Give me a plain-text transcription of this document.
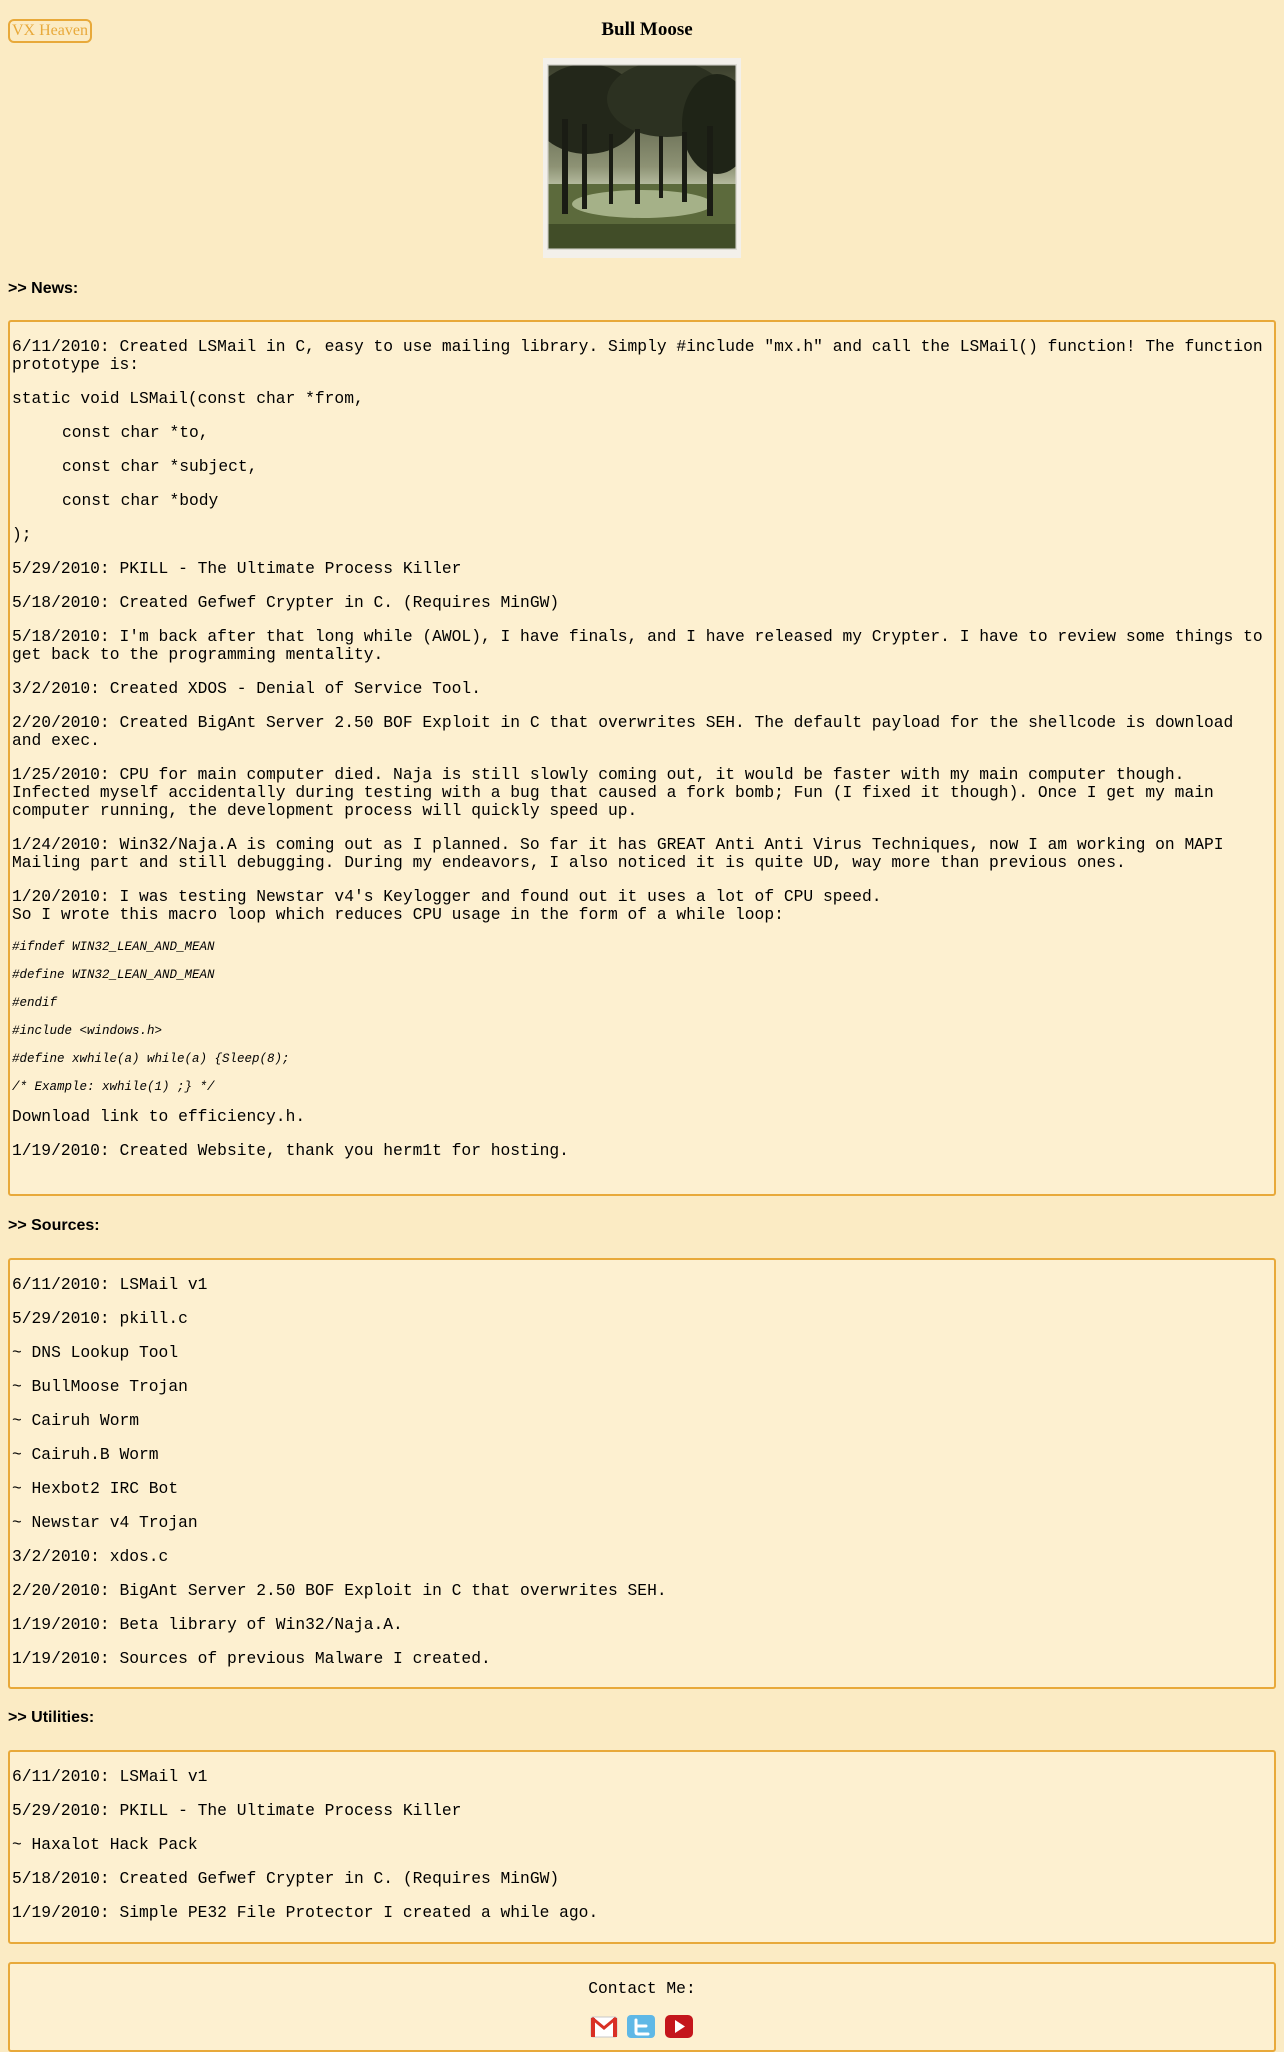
VX Heaven	Bull Moose
>> News:

6/11/2010: Created LSMail in C, easy to use mailing library. Simply #include "mx.h" and call the LSMail() function! The function prototype is:

static void LSMail(const char *from,

const char *to,

const char *subject,

const char *body

);

5/29/2010: PKILL - The Ultimate Process Killer

5/18/2010: Created Gefwef Crypter in C. (Requires MinGW)

5/18/2010: I'm back after that long while (AWOL), I have finals, and I have released my Crypter. I have to review some things to get back to the programming mentality.

3/2/2010: Created XDOS - Denial of Service Tool.

2/20/2010: Created BigAnt Server 2.50 BOF Exploit in C that overwrites SEH. The default payload for the shellcode is download and exec.

1/25/2010: CPU for main computer died. Naja is still slowly coming out, it would be faster with my main computer though. Infected myself accidentally during testing with a bug that caused a fork bomb; Fun (I fixed it though). Once I get my main computer running, the development process will quickly speed up.

1/24/2010: Win32/Naja.A is coming out as I planned. So far it has GREAT Anti Anti Virus Techniques, now I am working on MAPI Mailing part and still debugging. During my endeavors, I also noticed it is quite UD, way more than previous ones.

1/20/2010: I was testing Newstar v4's Keylogger and found out it uses a lot of CPU speed.
So I wrote this macro loop which reduces CPU usage in the form of a while loop:

#ifndef WIN32_LEAN_AND_MEAN

#define WIN32_LEAN_AND_MEAN

#endif

#include <windows.h>

#define xwhile(a) while(a) {Sleep(8);

/* Example: xwhile(1) ;} */

Download link to efficiency.h.

1/19/2010: Created Website, thank you herm1t for hosting.

>> Sources:

6/11/2010: LSMail v1

5/29/2010: pkill.c

~ DNS Lookup Tool

~ BullMoose Trojan

~ Cairuh Worm

~ Cairuh.B Worm

~ Hexbot2 IRC Bot

~ Newstar v4 Trojan

3/2/2010: xdos.c

2/20/2010: BigAnt Server 2.50 BOF Exploit in C that overwrites SEH.

1/19/2010: Beta library of Win32/Naja.A.

1/19/2010: Sources of previous Malware I created.

>> Utilities:

6/11/2010: LSMail v1

5/29/2010: PKILL - The Ultimate Process Killer

~ Haxalot Hack Pack

5/18/2010: Created Gefwef Crypter in C. (Requires MinGW)

1/19/2010: Simple PE32 File Protector I created a while ago.

Contact Me:
